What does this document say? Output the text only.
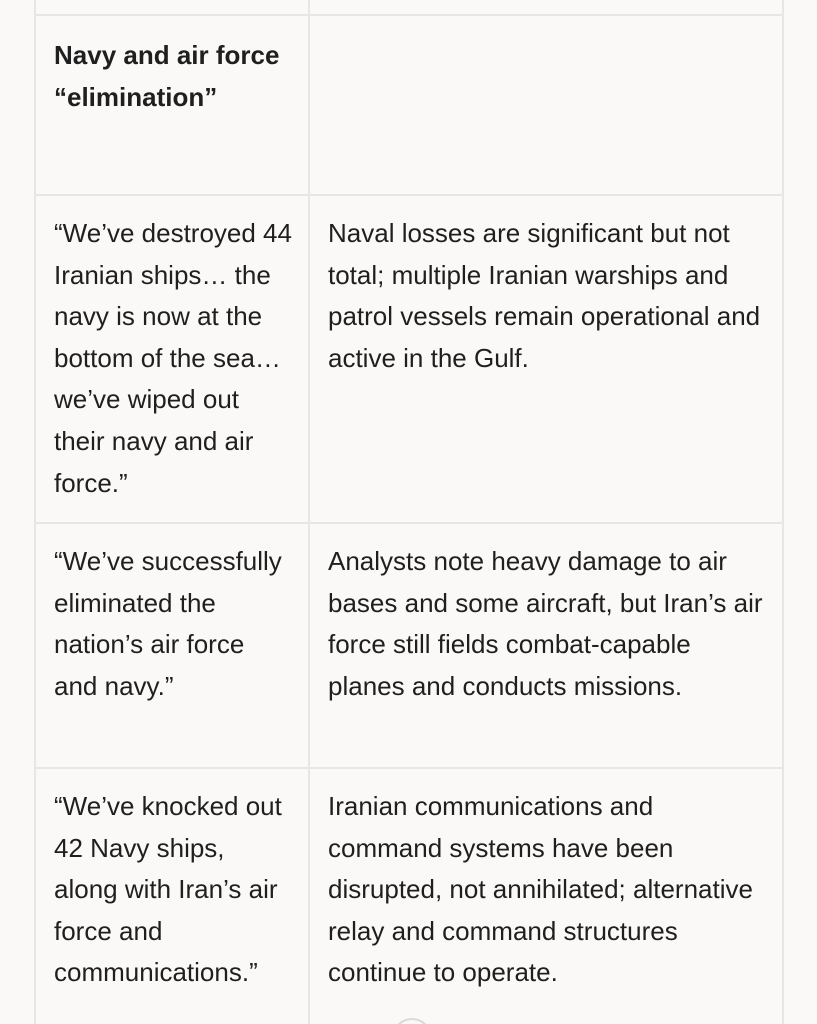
Navy and air force “elimination”	
“We’ve destroyed 44 Iranian ships… the navy is now at the bottom of the sea… we’ve wiped out their navy and air force.”	Naval losses are significant but not total; multiple Iranian warships and patrol vessels remain operational and active in the Gulf.
“We’ve successfully eliminated the nation’s air force and navy.”	Analysts note heavy damage to air bases and some aircraft, but Iran’s air force still fields combat-capable planes and conducts missions.
“We’ve knocked out 42 Navy ships, along with Iran’s air force and communications.”	Iranian communications and command systems have been disrupted, not annihilated; alternative relay and command structures continue to operate.
